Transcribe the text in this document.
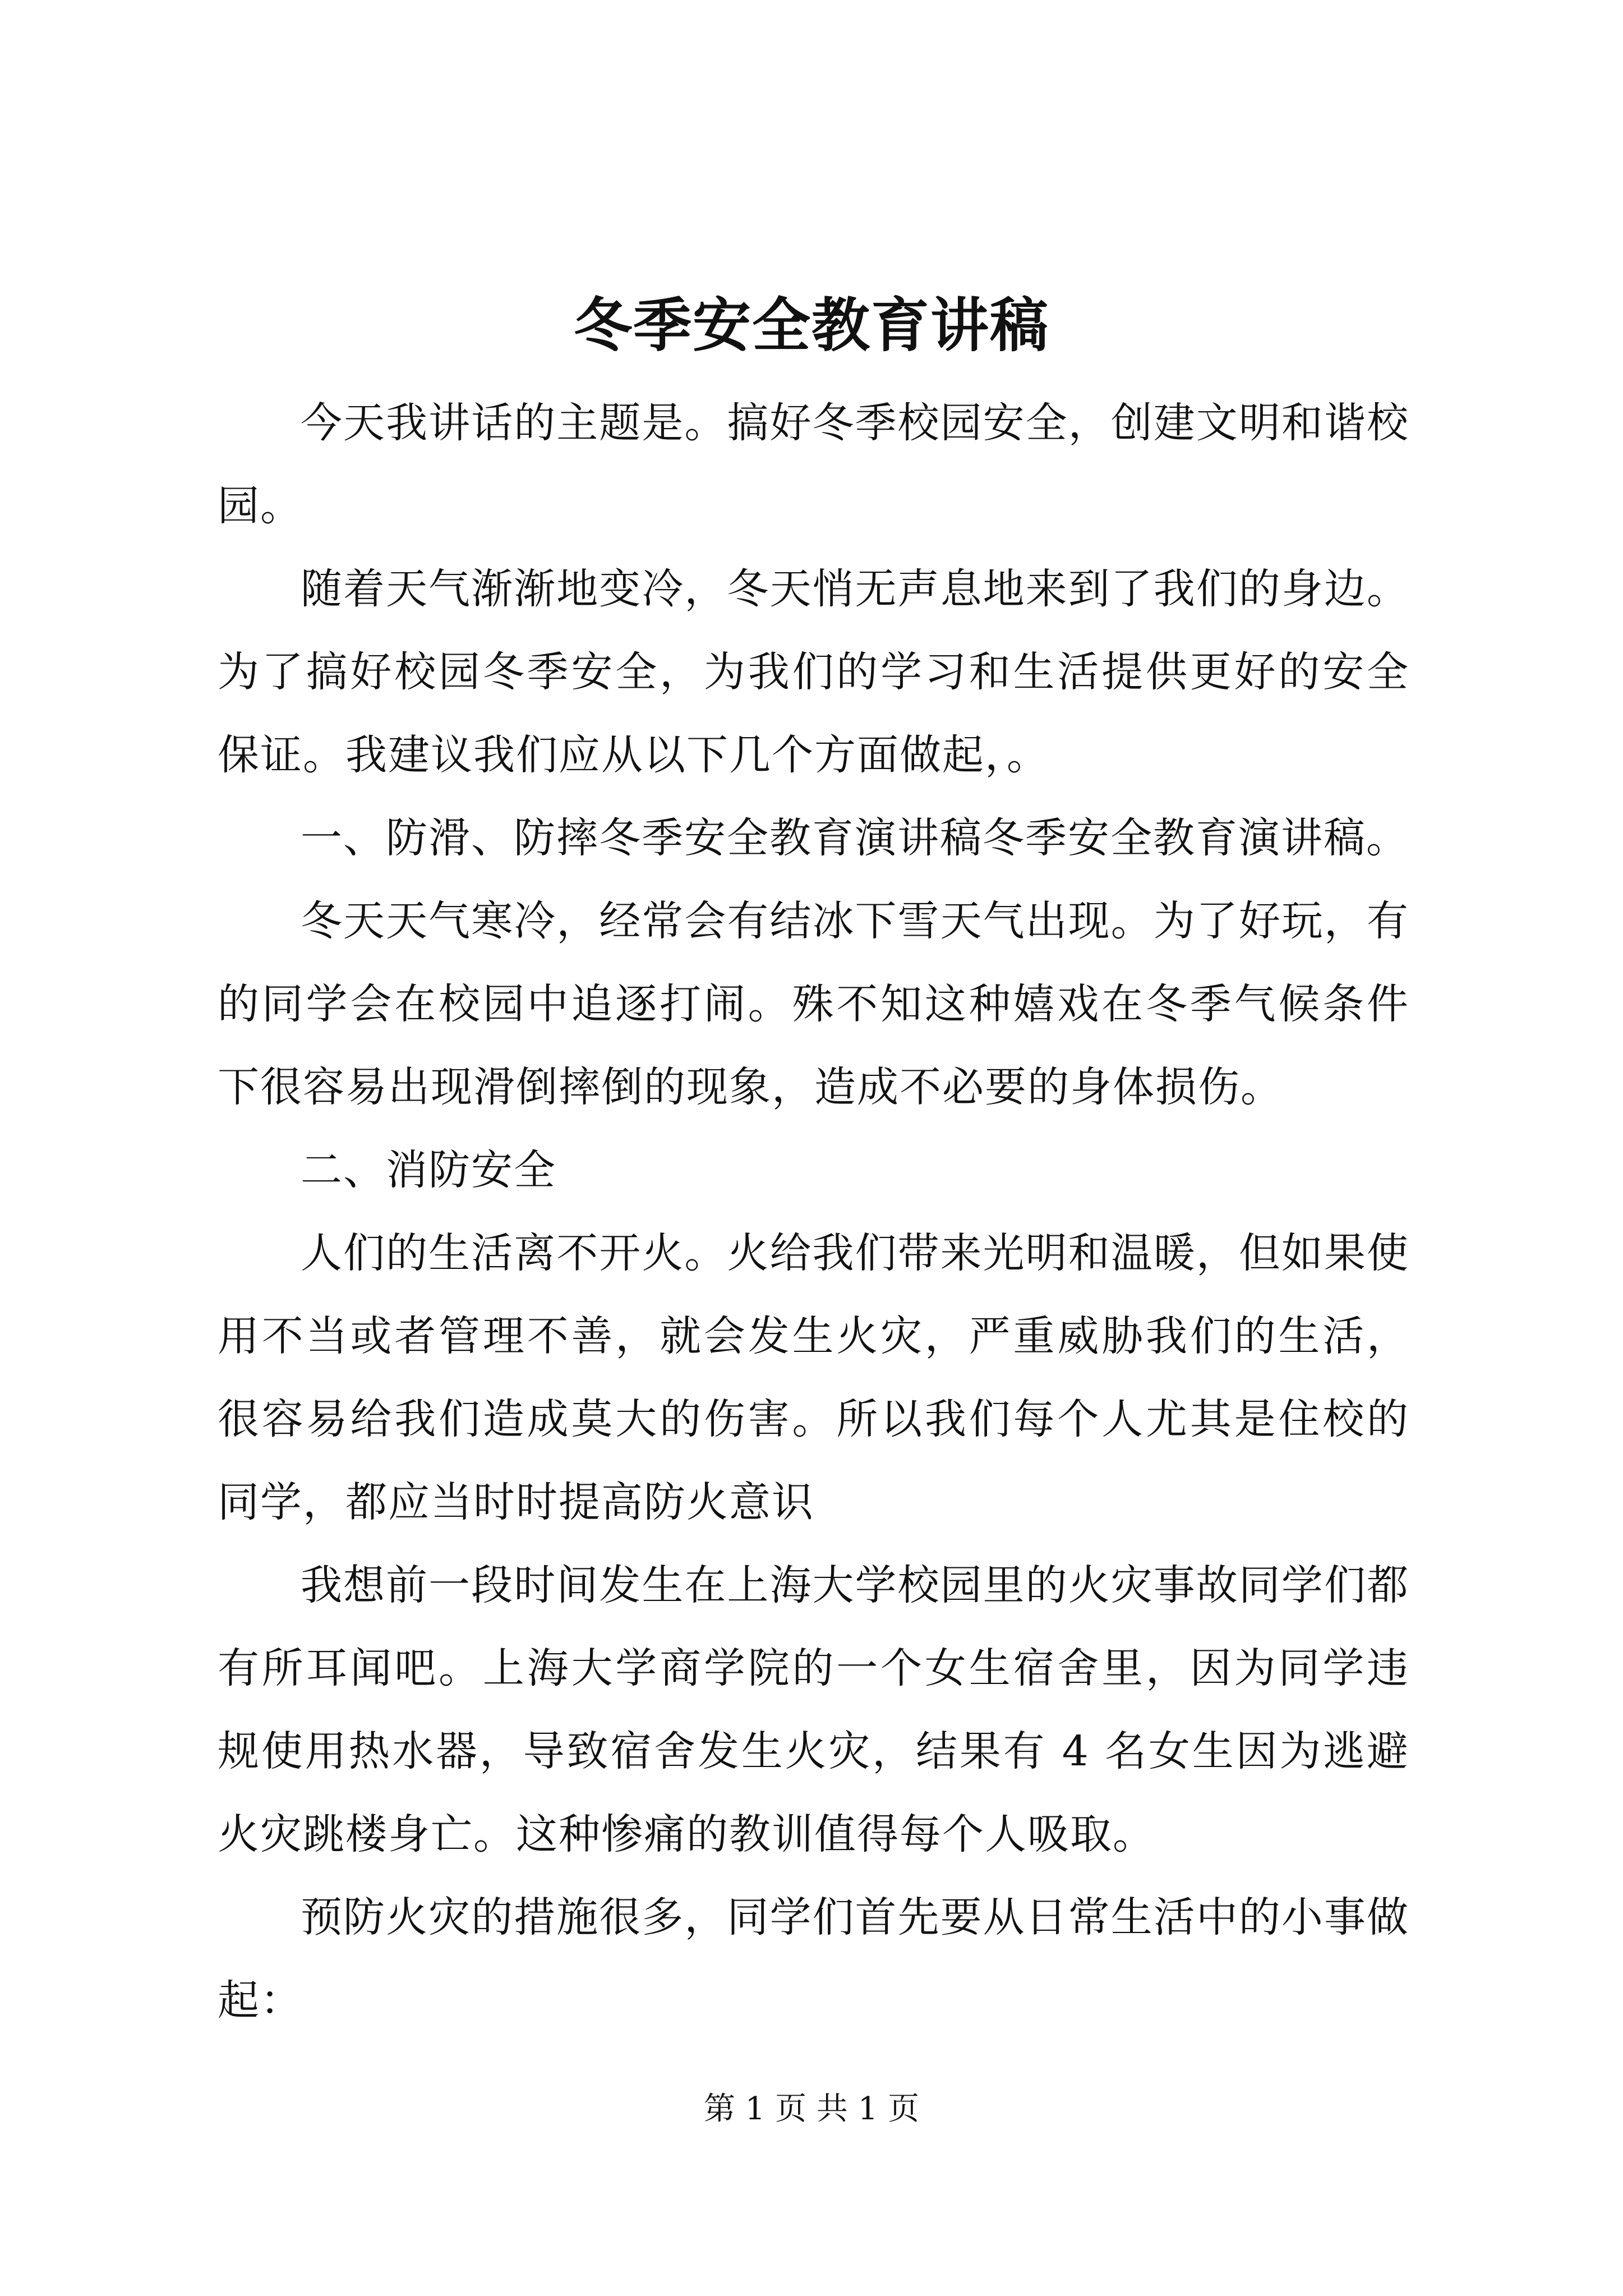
冬季安全教育讲稿

今天我讲话的主题是。搞好冬季校园安全，创建文明和谐校园。

随着天气渐渐地变冷，冬天悄无声息地来到了我们的身边。为了搞好校园冬季安全，为我们的学习和生活提供更好的安全保证。我建议我们应从以下几个方面做起，。

一、防滑、防摔冬季安全教育演讲稿冬季安全教育演讲稿。

冬天天气寒冷，经常会有结冰下雪天气出现。为了好玩，有的同学会在校园中追逐打闹。殊不知这种嬉戏在冬季气候条件下很容易出现滑倒摔倒的现象，造成不必要的身体损伤。

二、消防安全

人们的生活离不开火。火给我们带来光明和温暖，但如果使用不当或者管理不善，就会发生火灾，严重威胁我们的生活，很容易给我们造成莫大的伤害。所以我们每个人尤其是住校的同学，都应当时时提高防火意识

我想前一段时间发生在上海大学校园里的火灾事故同学们都有所耳闻吧。上海大学商学院的一个女生宿舍里，因为同学违规使用热水器，导致宿舍发生火灾，结果有 4 名女生因为逃避火灾跳楼身亡。这种惨痛的教训值得每个人吸取。

预防火灾的措施很多，同学们首先要从日常生活中的小事做起：

第 1 页 共 1 页
